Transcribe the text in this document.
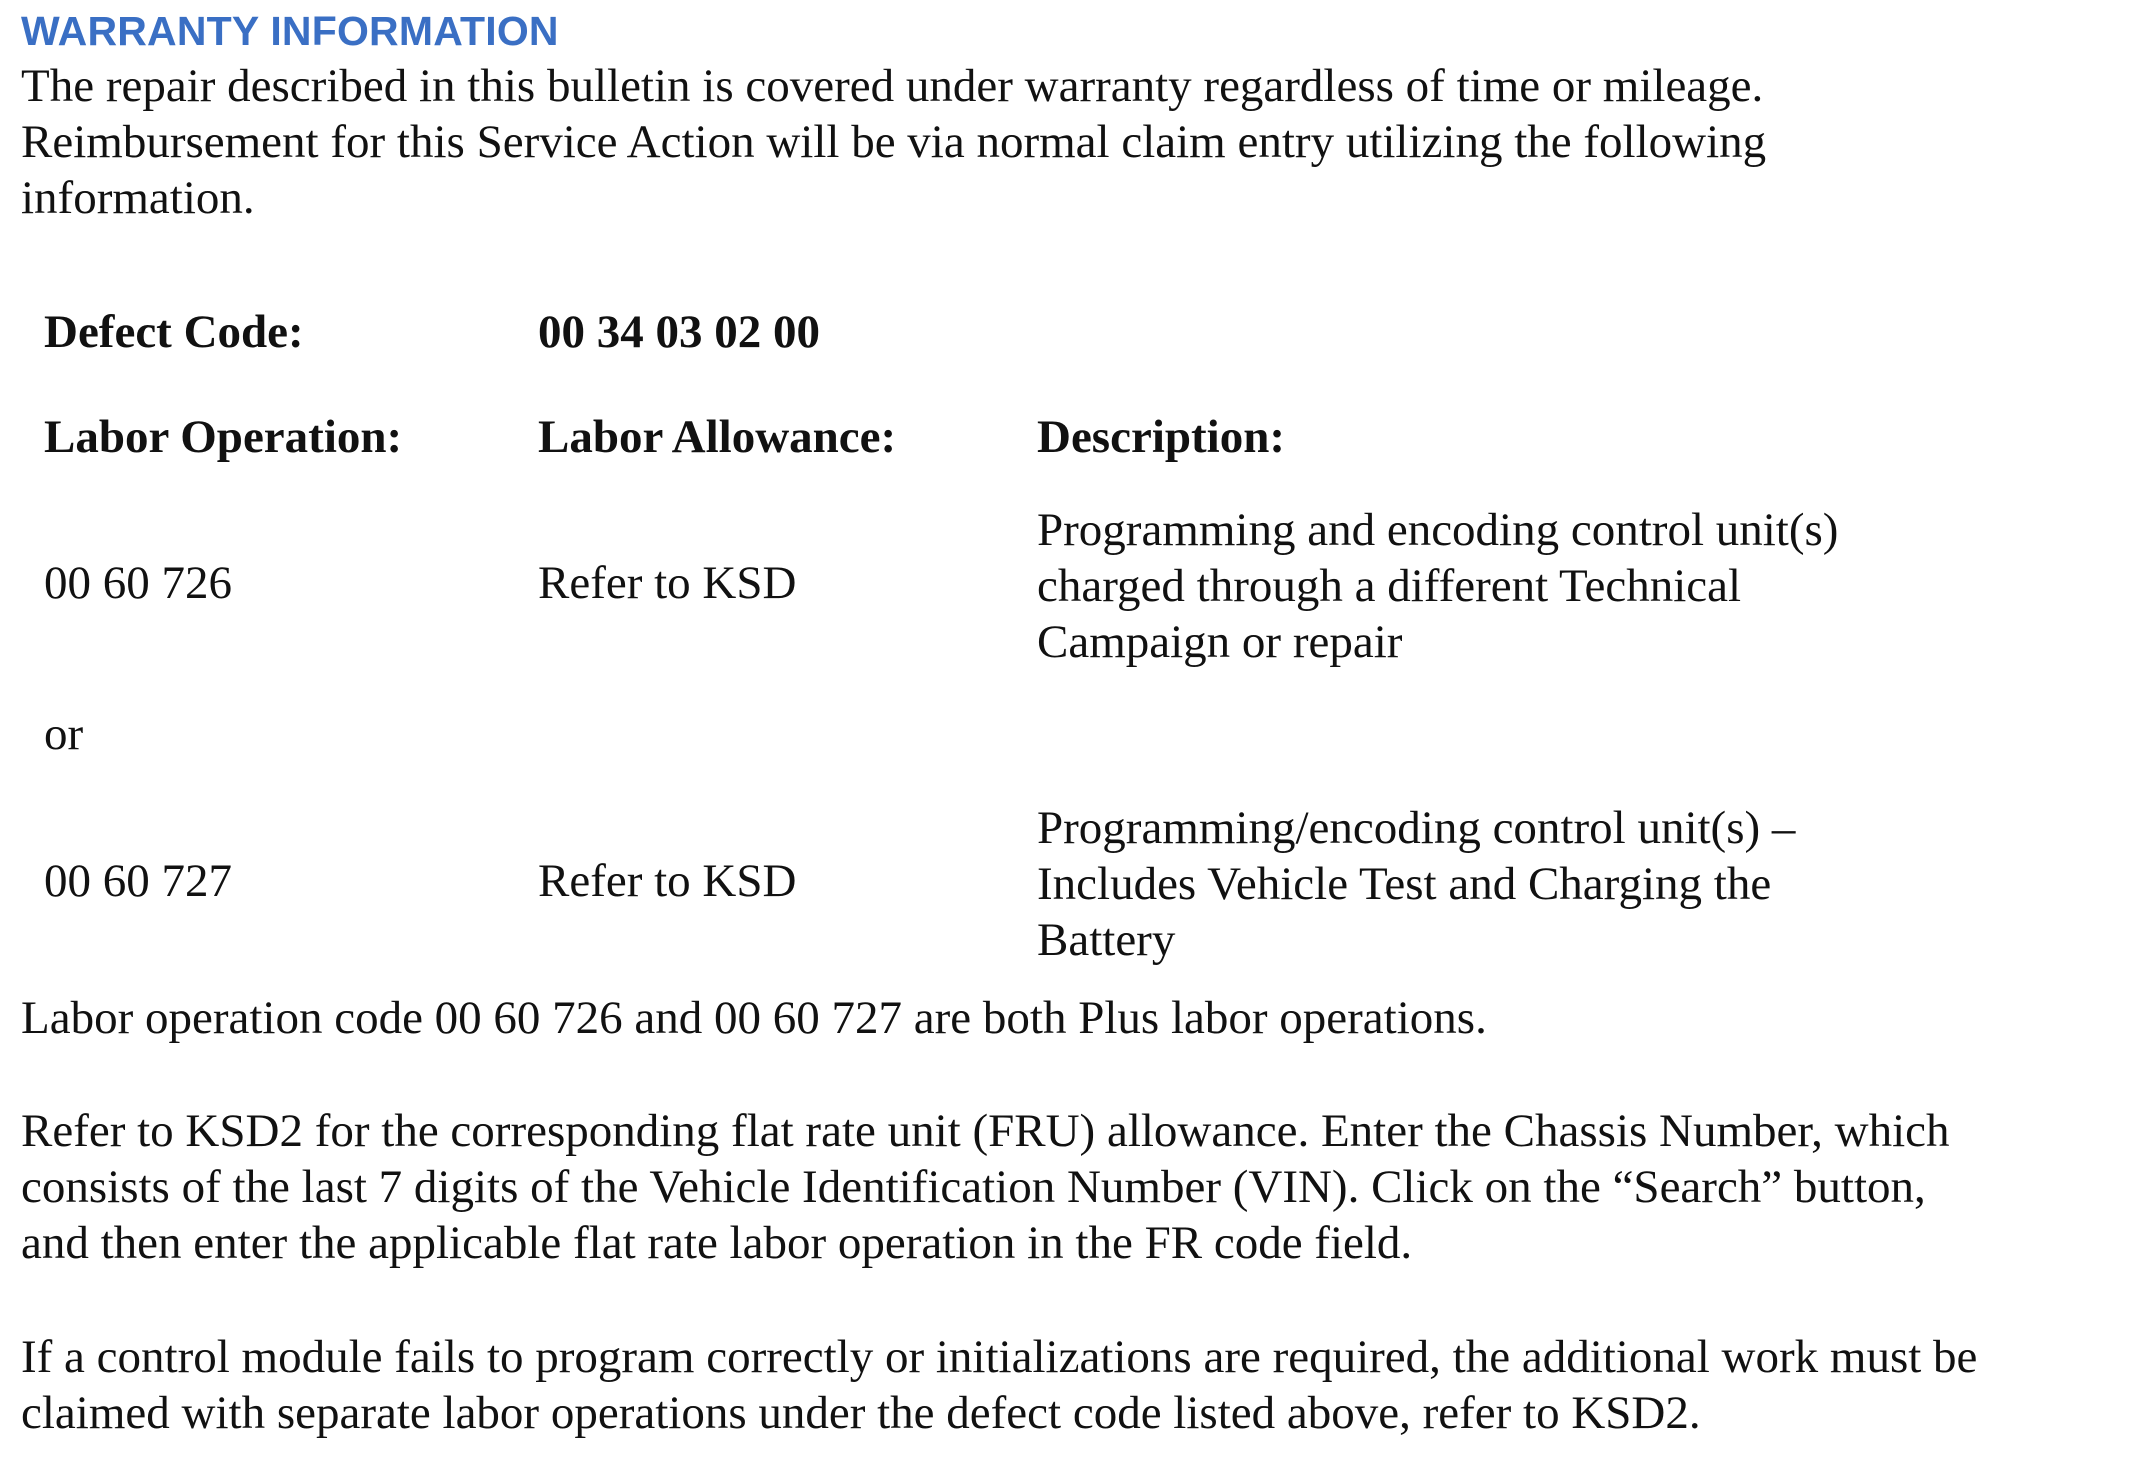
WARRANTY INFORMATION
The repair described in this bulletin is covered under warranty regardless of time or mileage.
Reimbursement for this Service Action will be via normal claim entry utilizing the following
information.
Defect Code:	00 34 03 02 00
Labor Operation:	Labor Allowance:	Description:
00 60 726	Refer to KSD
Programming and encoding control unit(s)
charged through a different Technical
Campaign or repair
or
00 60 727	Refer to KSD
Programming/encoding control unit(s) –
Includes Vehicle Test and Charging the
Battery
Labor operation code 00 60 726 and 00 60 727 are both Plus labor operations.
Refer to KSD2 for the corresponding flat rate unit (FRU) allowance. Enter the Chassis Number, which
consists of the last 7 digits of the Vehicle Identification Number (VIN). Click on the “Search” button,
and then enter the applicable flat rate labor operation in the FR code field.
If a control module fails to program correctly or initializations are required, the additional work must be
claimed with separate labor operations under the defect code listed above, refer to KSD2.
